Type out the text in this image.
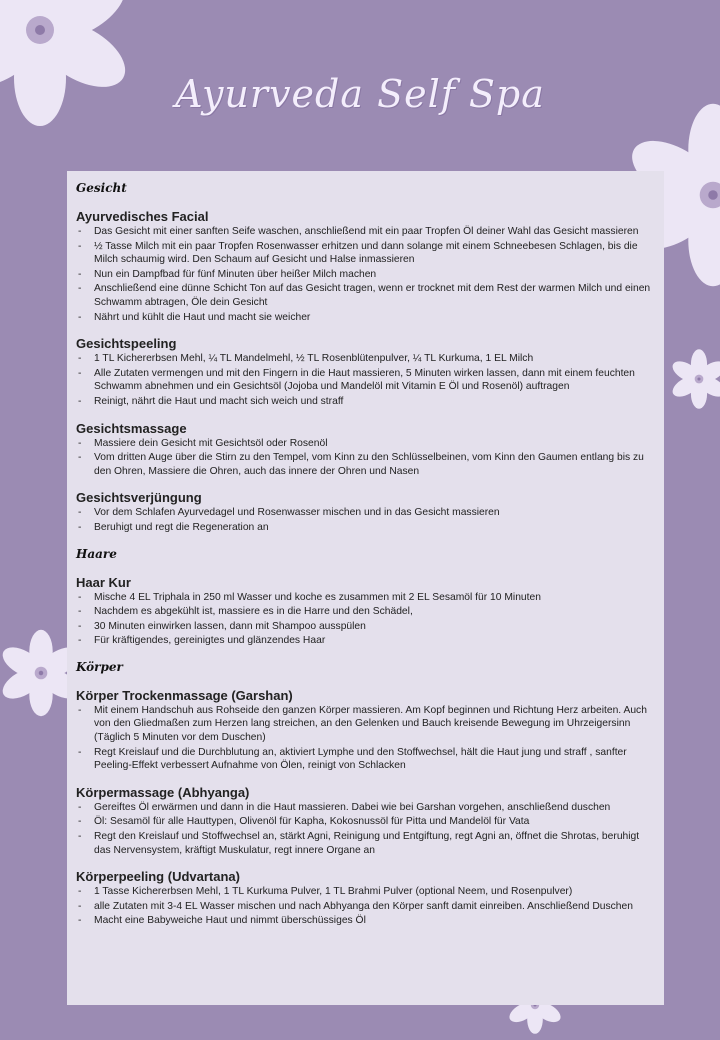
Ayurveda Self Spa
Gesicht
Ayurvedisches Facial
- Das Gesicht mit einer sanften Seife waschen, anschließend mit ein paar Tropfen Öl deiner Wahl das Gesicht massieren
- ½ Tasse Milch mit ein paar Tropfen Rosenwasser erhitzen und dann solange mit einem Schneebesen Schlagen, bis die Milch schaumig wird. Den Schaum auf Gesicht und Halse inmassieren
- Nun ein Dampfbad für fünf Minuten über heißer Milch machen
- Anschließend eine dünne Schicht Ton auf das Gesicht tragen, wenn er trocknet mit dem Rest der warmen Milch und einen Schwamm abtragen, Öle dein Gesicht
- Nährt und kühlt die Haut und macht sie weicher
Gesichtspeeling
- 1 TL Kichererbsen Mehl, ¼ TL Mandelmehl, ½ TL Rosenblütenpulver, ¼ TL Kurkuma, 1 EL Milch
- Alle Zutaten vermengen und mit den Fingern in die Haut massieren, 5 Minuten wirken lassen, dann mit einem feuchten Schwamm abnehmen und ein Gesichtsöl (Jojoba und Mandelöl mit Vitamin E Öl und Rosenöl) auftragen
- Reinigt, nährt die Haut und macht sich weich und straff
Gesichtsmassage
- Massiere dein Gesicht mit Gesichtsöl oder Rosenöl
- Vom dritten Auge über die Stirn zu den Tempel, vom Kinn zu den Schlüsselbeinen, vom Kinn den Gaumen entlang bis zu den Ohren, Massiere die Ohren, auch das innere der Ohren und Nasen
Gesichtsverjüngung
- Vor dem Schlafen Ayurvedagel und Rosenwasser mischen und in das Gesicht massieren
- Beruhigt und regt die Regeneration an
Haare
Haar Kur
- Mische 4 EL Triphala in 250 ml Wasser und koche es zusammen mit 2 EL Sesamöl für 10 Minuten
- Nachdem es abgekühlt ist, massiere es in die Harre und den Schädel,
- 30 Minuten einwirken lassen, dann mit Shampoo ausspülen
- Für kräftigendes, gereinigtes und glänzendes Haar
Körper
Körper Trockenmassage (Garshan)
- Mit einem Handschuh aus Rohseide den ganzen Körper massieren. Am Kopf beginnen und Richtung Herz arbeiten. Auch von den Gliedmaßen zum Herzen lang streichen, an den Gelenken und Bauch kreisende Bewegung im Uhrzeigersinn (Täglich 5 Minuten vor dem Duschen)
- Regt Kreislauf und die Durchblutung an, aktiviert Lymphe und den Stoffwechsel, hält die Haut jung und straff , sanfter Peeling-Effekt verbessert Aufnahme von Ölen, reinigt von Schlacken
Körpermassage (Abhyanga)
- Gereiftes Öl erwärmen und dann in die Haut massieren. Dabei wie bei Garshan vorgehen, anschließend duschen
- Öl: Sesamöl für alle Hauttypen, Olivenöl für Kapha, Kokosnussöl für Pitta und Mandelöl für Vata
- Regt den Kreislauf und Stoffwechsel an, stärkt Agni, Reinigung und Entgiftung, regt Agni an, öffnet die Shrotas, beruhigt das Nervensystem, kräftigt Muskulatur, regt innere Organe an
Körperpeeling (Udvartana)
- 1 Tasse Kichererbsen Mehl, 1 TL Kurkuma Pulver, 1 TL Brahmi Pulver (optional Neem, und Rosenpulver)
- alle Zutaten mit 3-4 EL Wasser mischen und nach Abhyanga den Körper sanft damit einreiben. Anschließend Duschen
- Macht eine Babyweiche Haut und nimmt überschüssiges Öl
